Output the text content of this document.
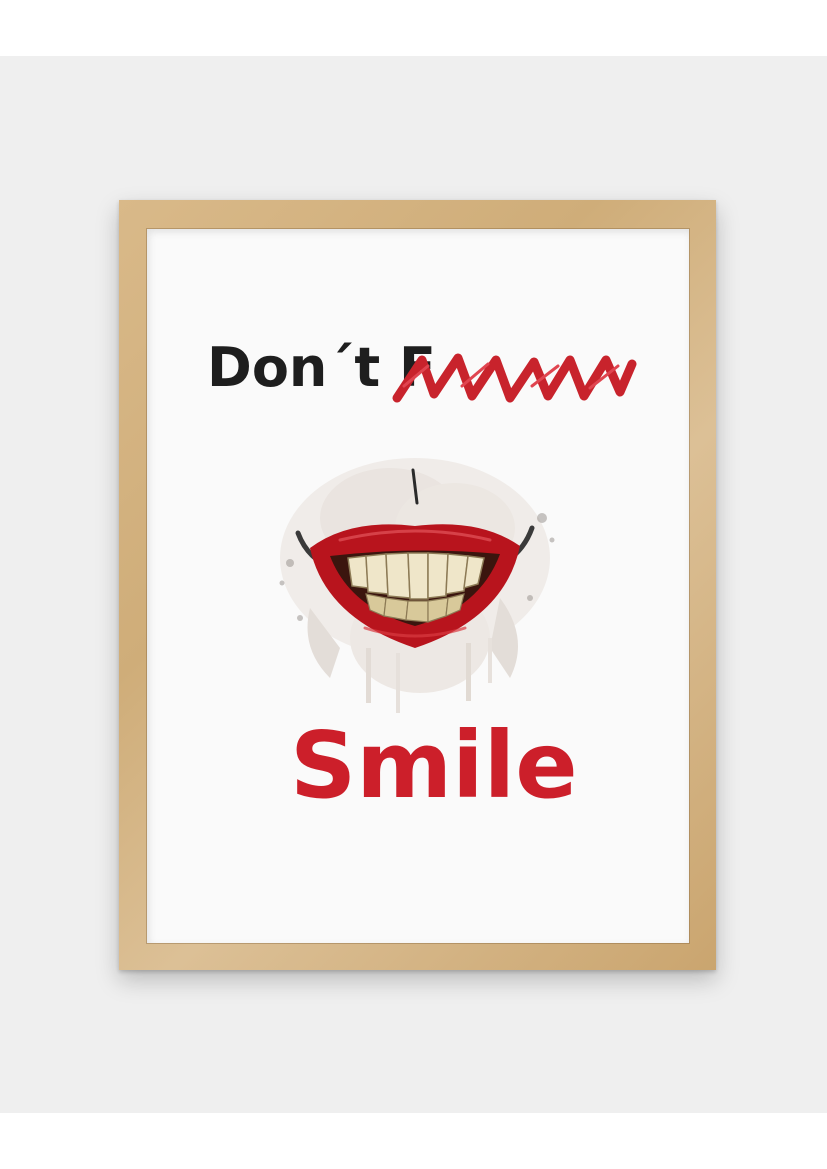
Don´t F
Smile
